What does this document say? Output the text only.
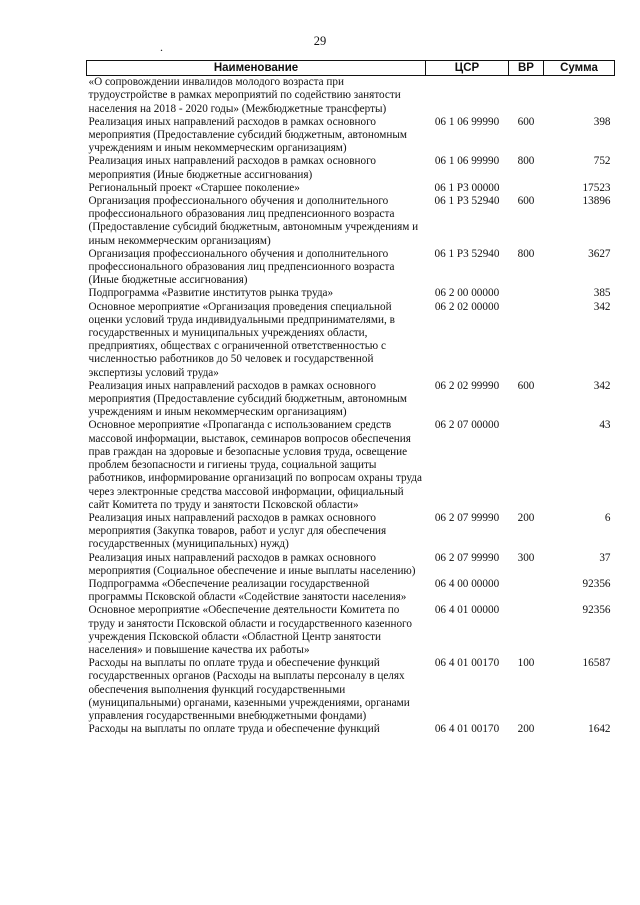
29
.
Наименование	ЦСР	ВР	Сумма
«О сопровождении инвалидов молодого возраста при трудоустройстве в рамках мероприятий по содействию занятости населения на 2018 - 2020 годы» (Межбюджетные трансферты)			
Реализация иных направлений расходов в рамках основного мероприятия (Предоставление субсидий бюджетным, автономным учреждениям и иным некоммерческим организациям)	06 1 06 99990	600	398
Реализация иных направлений расходов в рамках основного мероприятия (Иные бюджетные ассигнования)	06 1 06 99990	800	752
Региональный проект «Старшее поколение»	06 1 P3 00000		17523
Организация профессионального обучения и дополнительного профессионального образования лиц предпенсионного возраста (Предоставление субсидий бюджетным, автономным учреждениям и иным некоммерческим организациям)	06 1 P3 52940	600	13896
Организация профессионального обучения и дополнительного профессионального образования лиц предпенсионного возраста (Иные бюджетные ассигнования)	06 1 P3 52940	800	3627
Подпрограмма «Развитие институтов рынка труда»	06 2 00 00000		385
Основное мероприятие «Организация проведения специальной оценки условий труда индивидуальными предпринимателями, в государственных и муниципальных учреждениях области, предприятиях, обществах с ограниченной ответственностью с численностью работников до 50 человек и государственной экспертизы условий труда»	06 2 02 00000		342
Реализация иных направлений расходов в рамках основного мероприятия (Предоставление субсидий бюджетным, автономным учреждениям и иным некоммерческим организациям)	06 2 02 99990	600	342
Основное мероприятие «Пропаганда с использованием средств массовой информации, выставок, семинаров вопросов обеспечения прав граждан на здоровые и безопасные условия труда, освещение проблем безопасности и гигиены труда, социальной защиты работников, информирование организаций по вопросам охраны труда через электронные средства массовой информации, официальный сайт Комитета по труду и занятости Псковской области»	06 2 07 00000		43
Реализация иных направлений расходов в рамках основного мероприятия (Закупка товаров, работ и услуг для обеспечения государственных (муниципальных) нужд)	06 2 07 99990	200	6
Реализация иных направлений расходов в рамках основного мероприятия (Социальное обеспечение и иные выплаты населению)	06 2 07 99990	300	37
Подпрограмма «Обеспечение реализации государственной программы Псковской области «Содействие занятости населения»	06 4 00 00000		92356
Основное мероприятие «Обеспечение деятельности Комитета по труду и занятости Псковской области и государственного казенного учреждения Псковской области «Областной Центр занятости населения» и повышение качества их работы»	06 4 01 00000		92356
Расходы на выплаты по оплате труда и обеспечение функций государственных органов (Расходы на выплаты персоналу в целях обеспечения выполнения функций государственными (муниципальными) органами, казенными учреждениями, органами управления государственными внебюджетными фондами)	06 4 01 00170	100	16587
Расходы на выплаты по оплате труда и обеспечение функций	06 4 01 00170	200	1642
